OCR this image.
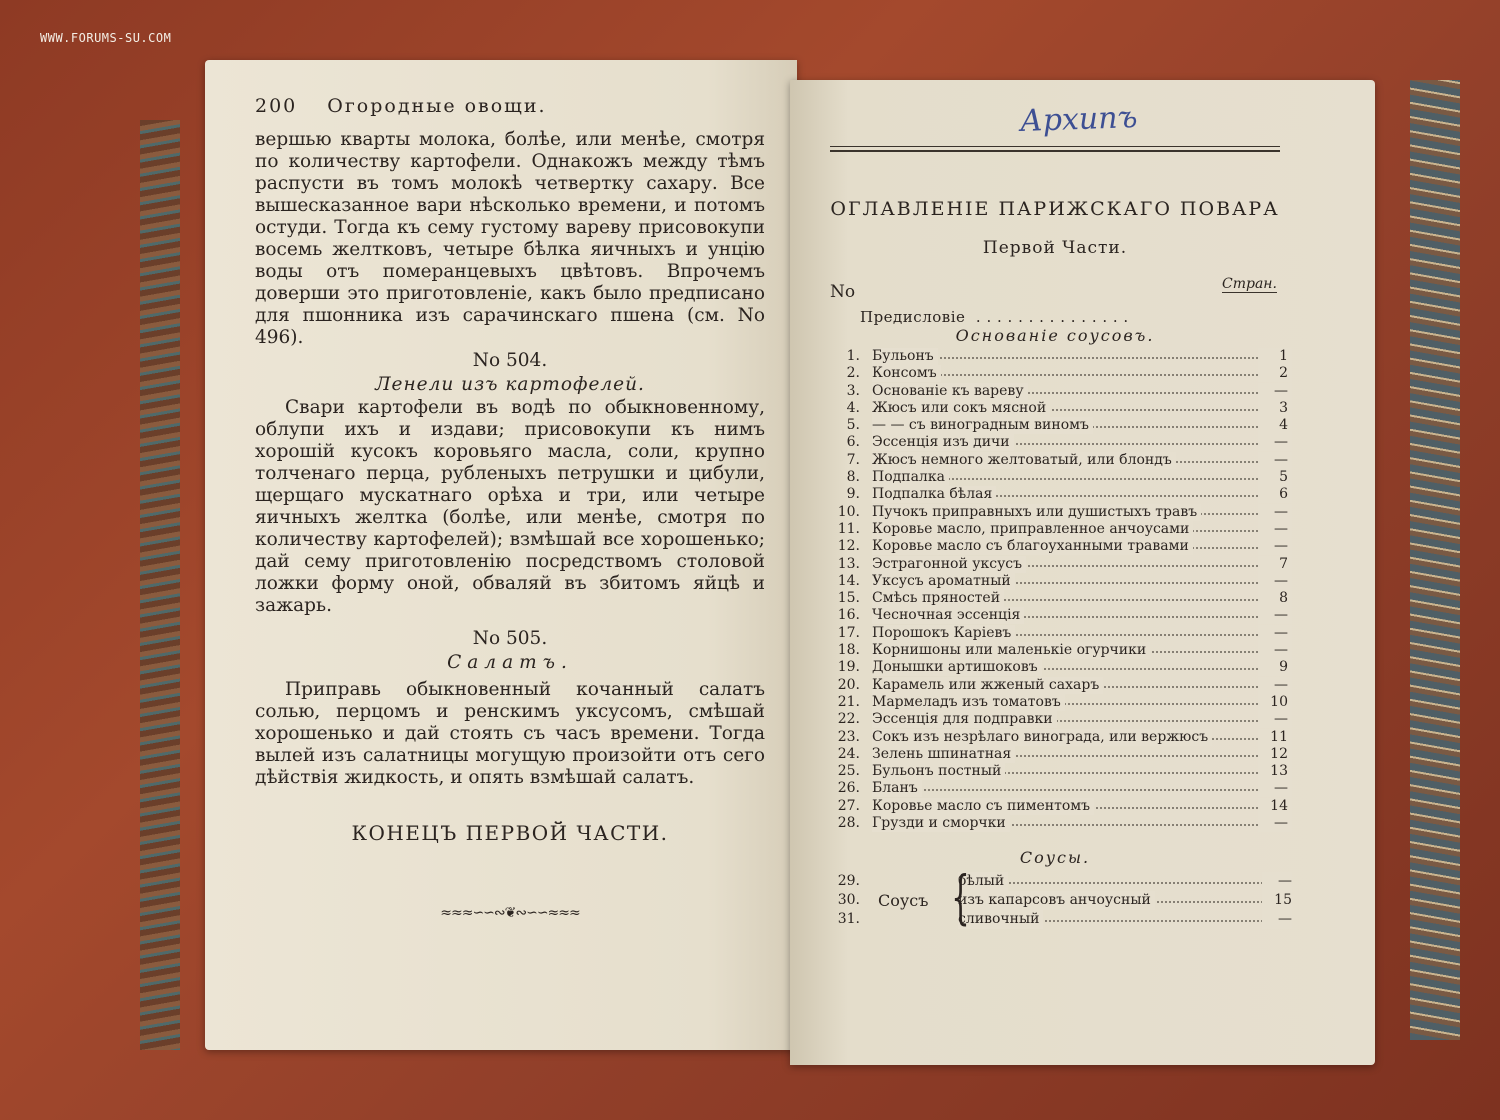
WWW.FORUMS-SU.COM
200 Огородные овощи.
вершью кварты молока, болѣе, или менѣе, смотря по количеству картофели. Однакожъ между тѣмъ распусти въ томъ молокѣ четвертку сахару. Все вышесказанное вари нѣсколько времени, и потомъ остуди. Тогда къ сему густому вареву присовокупи восемь желтковъ, четыре бѣлка яичныхъ и унцію воды отъ померанцевыхъ цвѣтовъ. Впрочемъ доверши это приготовленіе, какъ было предписано для пшонника изъ сарачинскаго пшена (см. No 496).
No 504.
Ленели изъ картофелей.
Свари картофели въ водѣ по обыкновенному, облупи ихъ и издави; присовокупи къ нимъ хорошій кусокъ коровьяго масла, соли, крупно толченаго перца, рубленыхъ петрушки и цибули, щерщаго мускатнаго орѣха и три, или четыре яичныхъ желтка (болѣе, или менѣе, смотря по количеству картофелей); взмѣшай все хорошенько; дай сему приготовленію посредствомъ столовой ложки форму оной, обваляй въ збитомъ яйцѣ и зажарь.
No 505.
Салатъ.
Приправь обыкновенный кочанный салатъ солью, перцомъ и ренскимъ уксусомъ, смѣшай хорошенько и дай стоять съ часъ времени. Тогда вылей изъ салатницы могущую произойти отъ сего дѣйствія жидкость, и опять взмѣшай салатъ.
КОНЕЦЪ ПЕРВОЙ ЧАСТИ.
≈≈≈∽∽∾❦∾∽∽≈≈≈
Архипъ
ОГЛАВЛЕНІЕ ПАРИЖСКАГО ПОВАРА
Первой Части.
No	Стран.
Предисловіе  . . . . . . . . . . . . . . .
Основаніе соусовъ.
1. Бульонъ	1
2. Консомъ	2
3. Основаніе къ вареву	—
4. Жюсъ или сокъ мясной	3
5. — — съ виноградным виномъ	4
6. Эссенція изъ дичи	—
7. Жюсъ немного желтоватый, или блондъ	—
8. Подпалка	5
9. Подпалка бѣлая	6
10. Пучокъ приправныхъ или душистыхъ травъ	—
11. Коровье масло, приправленное анчоусами	—
12. Коровье масло съ благоуханными травами	—
13. Эстрагонной уксусъ	7
14. Уксусъ ароматный	—
15. Смѣсь пряностей	8
16. Чесночная эссенція	—
17. Порошокъ Каріевъ	—
18. Корнишоны или маленькіе огурчики	—
19. Донышки артишоковъ	9
20. Карамель или жженый сахаръ	—
21. Мармеладъ изъ томатовъ	10
22. Эссенція для подправки	—
23. Сокъ изъ незрѣлаго винограда, или вержюсъ	11
24. Зелень шпинатная	12
25. Бульонъ постный	13
26. Бланъ	—
27. Коровье масло съ пиментомъ	14
28. Грузди и сморчки	—
Соусы.
Соусъ
29.	бѣлый	—
30.	изъ капарсовъ анчоусный	15
31.	сливочный	—
{
